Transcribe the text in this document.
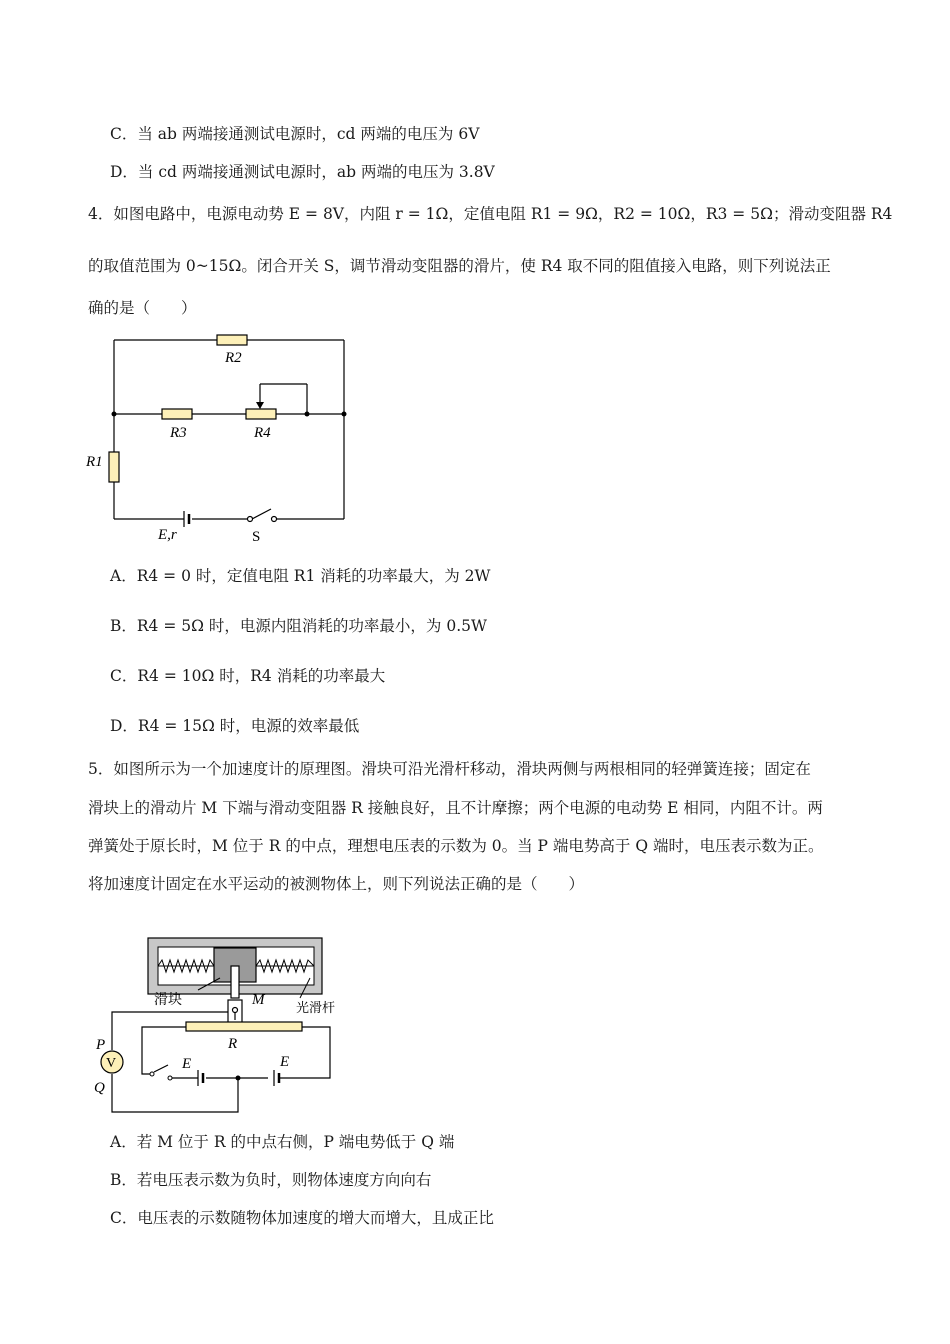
C．当 ab 两端接通测试电源时，cd 两端的电压为 6V
D．当 cd 两端接通测试电源时，ab 两端的电压为 3.8V
4．如图电路中，电源电动势 E = 8V，内阻 r = 1Ω，定值电阻 R1 = 9Ω，R2 = 10Ω，R3 = 5Ω；滑动变阻器 R4
的取值范围为 0~15Ω。闭合开关 S，调节滑动变阻器的滑片，使 R4 取不同的阻值接入电路，则下列说法正
确的是（　　）
R2
R3	R4
R1
E,r	S
A．R4 = 0 时，定值电阻 R1 消耗的功率最大，为 2W
B．R4 = 5Ω 时，电源内阻消耗的功率最小，为 0.5W
C．R4 = 10Ω 时，R4 消耗的功率最大
D．R4 = 15Ω 时，电源的效率最低
5．如图所示为一个加速度计的原理图。滑块可沿光滑杆移动，滑块两侧与两根相同的轻弹簧连接；固定在
滑块上的滑动片 M 下端与滑动变阻器 R 接触良好，且不计摩擦；两个电源的电动势 E 相同，内阻不计。两
弹簧处于原长时，M 位于 R 的中点，理想电压表的示数为 0。当 P 端电势高于 Q 端时，电压表示数为正。
将加速度计固定在水平运动的被测物体上，则下列说法正确的是（　　）
V
滑块	M 光滑杆
R
P
Q
E	E
A．若 M 位于 R 的中点右侧，P 端电势低于 Q 端
B．若电压表示数为负时，则物体速度方向向右
C．电压表的示数随物体加速度的增大而增大，且成正比
